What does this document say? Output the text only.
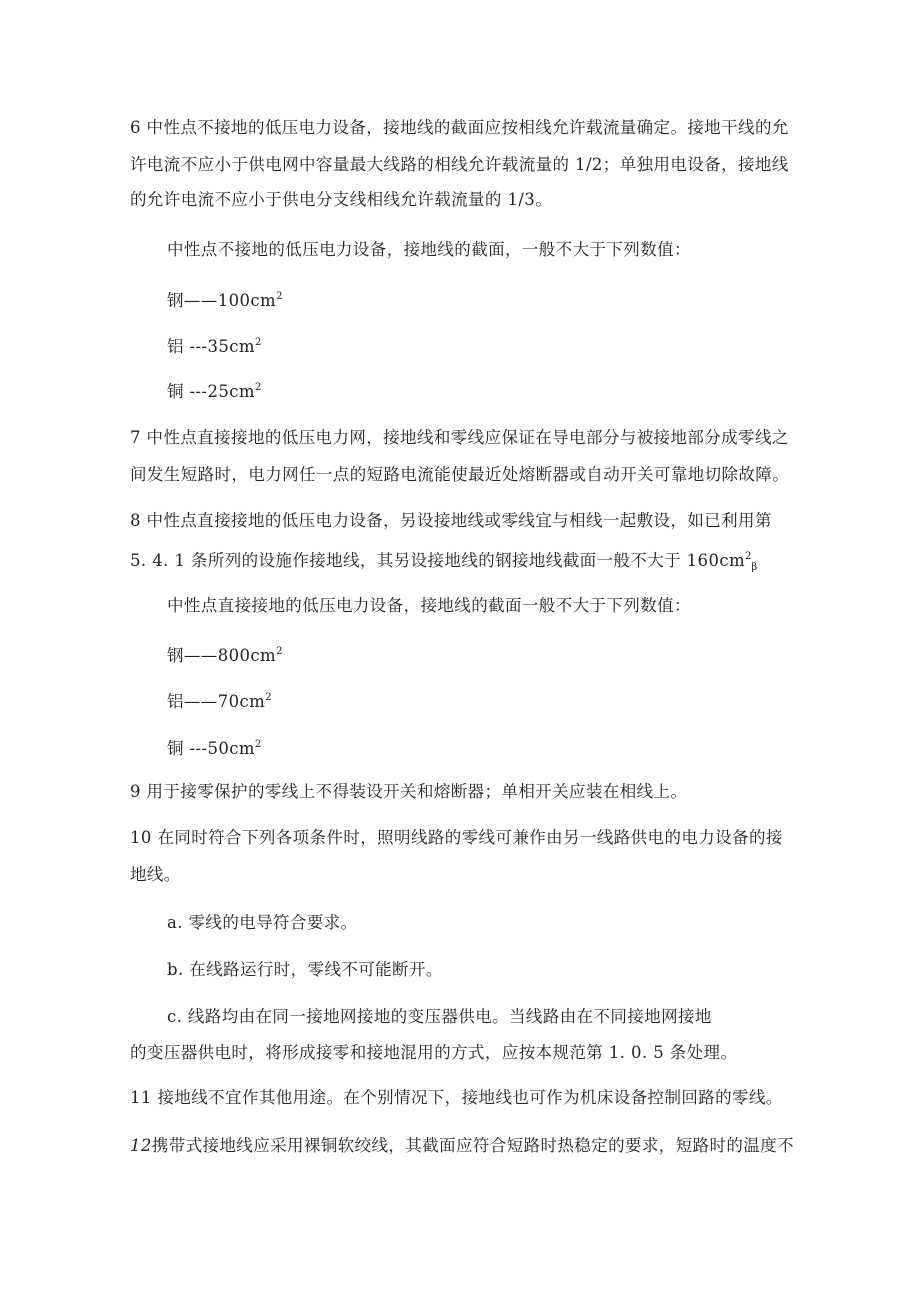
6 中性点不接地的低压电力设备，接地线的截面应按相线允许载流量确定。接地干线的允
许电流不应小于供电网中容量最大线路的相线允许载流量的 1/2；单独用电设备，接地线
的允许电流不应小于供电分支线相线允许载流量的 1/3。
中性点不接地的低压电力设备，接地线的截面，一般不大于下列数值：
钢$——100cm^2$
铝 $---35cm^2$
铜 $---25cm^2$
7 中性点直接接地的低压电力网，接地线和零线应保证在导电部分与被接地部分成零线之
间发生短路时，电力网任一点的短路电流能使最近处熔断器或自动开关可靠地切除故障。
8 中性点直接接地的低压电力设备，另设接地线或零线宜与相线一起敷设，如已利用第
5. 4. 1 条所列的设施作接地线，其另设接地线的钢接地线截面一般不大于 $160cm^2_\beta$
中性点直接接地的低压电力设备，接地线的截面一般不大于下列数值：
钢$——800cm^2$
铝$——70cm^2$
铜 $---50cm^2$
9 用于接零保护的零线上不得装设开关和熔断器；单相开关应装在相线上。
10 在同时符合下列各项条件时，照明线路的零线可兼作由另一线路供电的电力设备的接
地线。
a. 零线的电导符合要求。
b. 在线路运行时，零线不可能断开。
c. 线路均由在同一接地网接地的变压器供电。当线路由在不同接地网接地
的变压器供电时，将形成接零和接地混用的方式，应按本规范第 1. 0. 5 条处理。
11 接地线不宜作其他用途。在个别情况下，接地线也可作为机床设备控制回路的零线。
12携带式接地线应采用裸铜软绞线，其截面应符合短路时热稳定的要求，短路时的温度不
